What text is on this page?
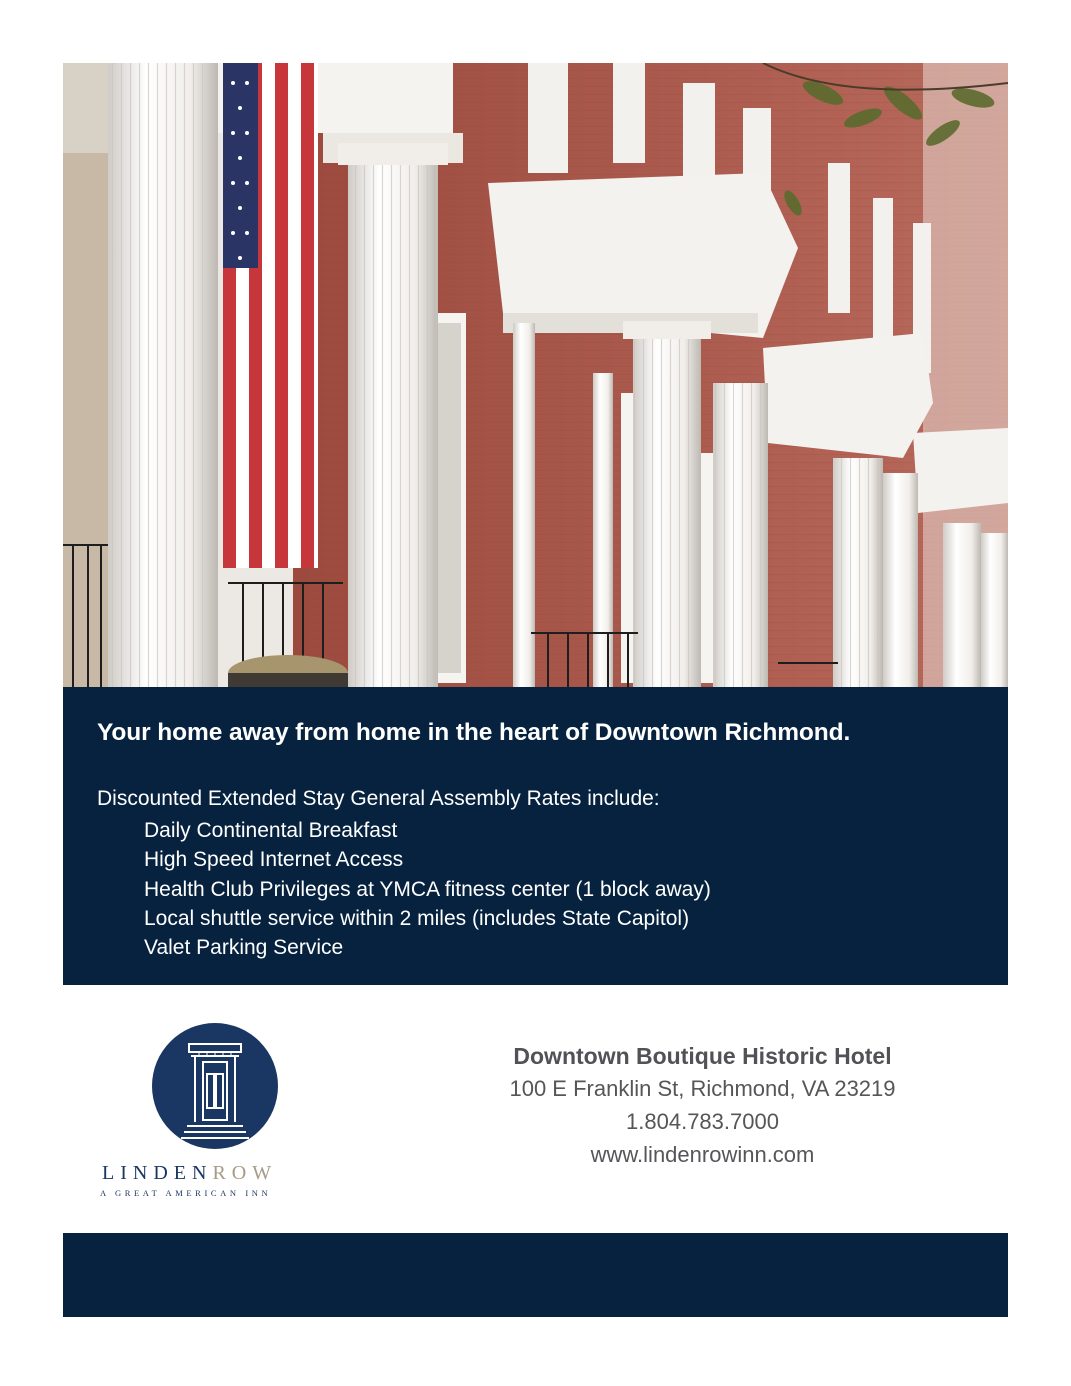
Your home away from home in the heart of Downtown Richmond.

Discounted Extended Stay General Assembly Rates include:

Daily Continental Breakfast
High Speed Internet Access
Health Club Privileges at YMCA fitness center (1 block away)
Local shuttle service within 2 miles (includes State Capitol)
Valet Parking Service
LINDENROW
A GREAT AMERICAN INN

Downtown Boutique Historic Hotel

100 E Franklin St, Richmond, VA 23219

1.804.783.7000

www.lindenrowinn.com
